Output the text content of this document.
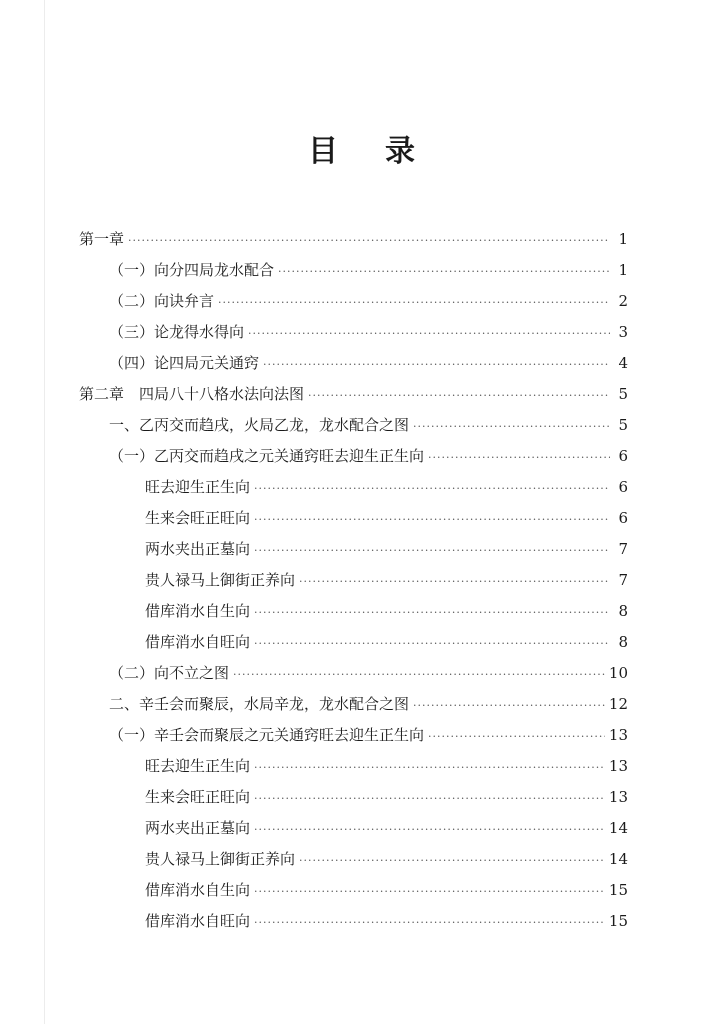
目 录
第一章 ·····	1
（一）向分四局龙水配合 ·····	1
（二）向诀弁言 ·····	2
（三）论龙得水得向 ·····	3
（四）论四局元关通窍 ·····	4
第二章　四局八十八格水法向法图 ·····	5
一、乙丙交而趋戌，火局乙龙，龙水配合之图 ·····	5
（一）乙丙交而趋戌之元关通窍旺去迎生正生向 ·····	6
旺去迎生正生向 ·····	6
生来会旺正旺向 ·····	6
两水夹出正墓向 ·····	7
贵人禄马上御街正养向 ·····	7
借库消水自生向 ·····	8
借库消水自旺向 ·····	8
（二）向不立之图 ·····	10
二、辛壬会而聚辰，水局辛龙，龙水配合之图 ·····	12
（一）辛壬会而聚辰之元关通窍旺去迎生正生向 ·····	13
旺去迎生正生向 ·····	13
生来会旺正旺向 ·····	13
两水夹出正墓向 ·····	14
贵人禄马上御街正养向 ·····	14
借库消水自生向 ·····	15
借库消水自旺向 ·····	15
